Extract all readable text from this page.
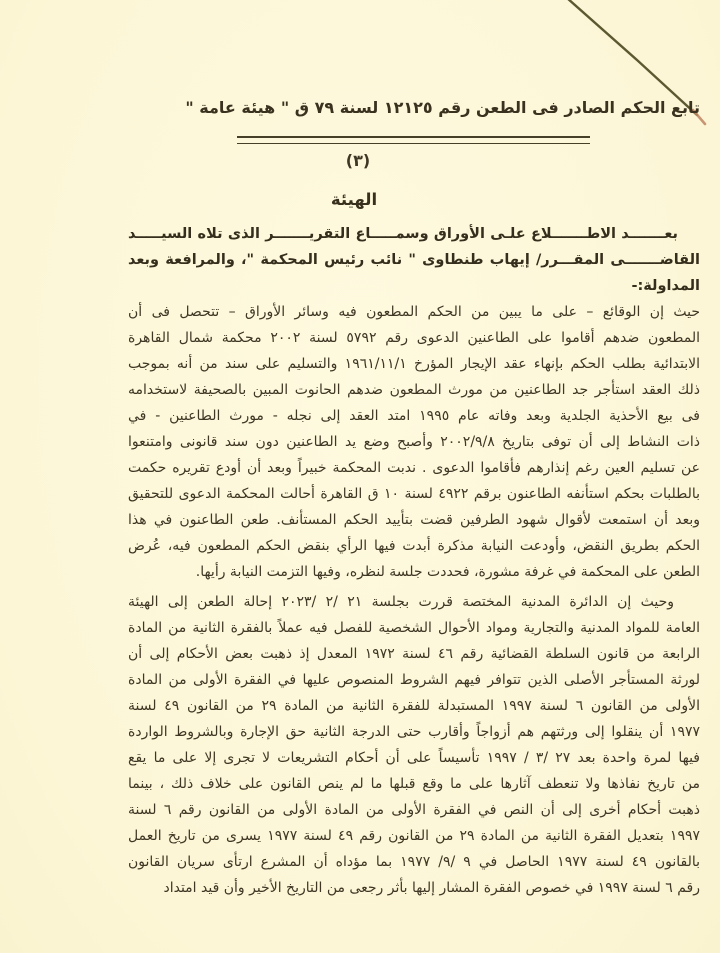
تابع الحكم الصادر فى الطعن رقم ١٢١٢٥ لسنة ٧٩ ق " هيئة عامة "
(٣)
الهيئة
بعـــــــد الاطـــــــلاع علـى الأوراق وسمـــــاع التقريـــــــر الذى تلاه السيـــــد
القاضـــــــى المقـــرر/ إيهاب طنطاوى " نائب رئيس المحكمة "، والمرافعة وبعد المداولة:-
حيث إن الوقائع – على ما يبين من الحكم المطعون فيه وسائر الأوراق – تتحصل فى أن
المطعون ضدهم أقاموا على الطاعنين الدعوى رقم ٥٧٩٢ لسنة ٢٠٠٢ محكمة شمال القاهرة
الابتدائية بطلب الحكم بإنهاء عقد الإيجار المؤرخ ١٩٦١/١١/١ والتسليم على سند من أنه بموجب
ذلك العقد استأجر جد الطاعنين من مورث المطعون ضدهم الحانوت المبين بالصحيفة لاستخدامه
فى بيع الأحذية الجلدية وبعد وفاته عام ١٩٩٥ امتد العقد إلى نجله - مورث الطاعنين - في
ذات النشاط إلى أن توفى بتاريخ ٢٠٠٢/٩/٨ وأصبح وضع يد الطاعنين دون سند قانونى وامتنعوا
عن تسليم العين رغم إنذارهم فأقاموا الدعوى . ندبت المحكمة خبيراً وبعد أن أودع تقريره حكمت
بالطلبات بحكم استأنفه الطاعنون برقم ٤٩٢٢ لسنة ١٠ ق القاهرة أحالت المحكمة الدعوى للتحقيق
وبعد أن استمعت لأقوال شهود الطرفين قضت بتأييد الحكم المستأنف. طعن الطاعنون في هذا
الحكم بطريق النقض، وأودعت النيابة مذكرة أبدت فيها الرأي بنقض الحكم المطعون فيه، عُرض
الطعن على المحكمة في غرفة مشورة، فحددت جلسة لنظره، وفيها التزمت النيابة رأيها.
وحيث إن الدائرة المدنية المختصة قررت بجلسة ٢١ /٢ /٢٠٢٣ إحالة الطعن إلى الهيئة
العامة للمواد المدنية والتجارية ومواد الأحوال الشخصية للفصل فيه عملاً بالفقرة الثانية من المادة
الرابعة من قانون السلطة القضائية رقم ٤٦ لسنة ١٩٧٢ المعدل إذ ذهبت بعض الأحكام إلى أن
لورثة المستأجر الأصلى الذين تتوافر فيهم الشروط المنصوص عليها في الفقرة الأولى من المادة
الأولى من القانون ٦ لسنة ١٩٩٧ المستبدلة للفقرة الثانية من المادة ٢٩ من القانون ٤٩ لسنة
١٩٧٧ أن ينقلوا إلى ورثتهم هم أزواجاً وأقارب حتى الدرجة الثانية حق الإجارة وبالشروط الواردة
فيها لمرة واحدة بعد ٢٧ /٣ / ١٩٩٧ تأسيساً على أن أحكام التشريعات لا تجرى إلا على ما يقع
من تاريخ نفاذها ولا تنعطف آثارها على ما وقع قبلها ما لم ينص القانون على خلاف ذلك ، بينما
ذهبت أحكام أخرى إلى أن النص في الفقرة الأولى من المادة الأولى من القانون رقم ٦ لسنة
١٩٩٧ بتعديل الفقرة الثانية من المادة ٢٩ من القانون رقم ٤٩ لسنة ١٩٧٧ يسرى من تاريخ العمل
بالقانون ٤٩ لسنة ١٩٧٧ الحاصل في ٩ /٩/ ١٩٧٧ بما مؤداه أن المشرع ارتأى سريان القانون
رقم ٦ لسنة ١٩٩٧ في خصوص الفقرة المشار إليها بأثر رجعى من التاريخ الأخير وأن قيد امتداد
